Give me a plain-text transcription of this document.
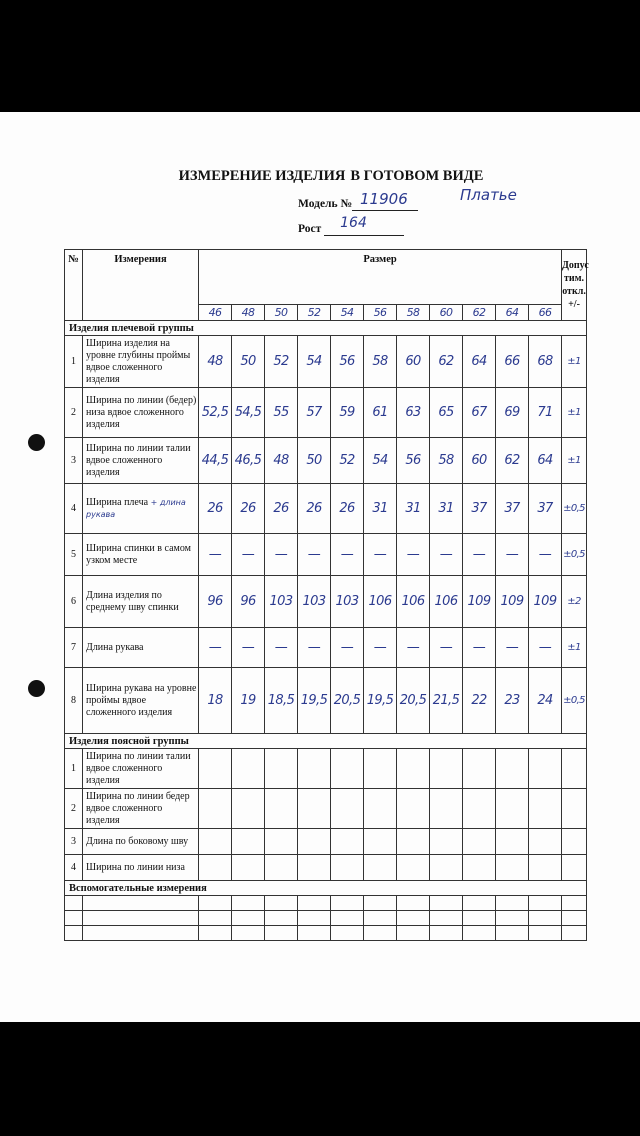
ИЗМЕРЕНИЕ ИЗДЕЛИЯ В ГОТОВОМ ВИДЕ
Модель № 11906	Платье

Рост 164

№	Измерения	Размер											Допус
тим.
откл.
+/-

		46	48	50	52	54	56	58	60	62	64	66	
Изделия плечевой группы													
1	Ширина изделия на уровне глубины проймы вдвое сложенного изделия	48	50	52	54	56	58	60	62	64	66	68	±1
2	Ширина по линии (бедер) низа вдвое сложенного изделия	52,5	54,5	55	57	59	61	63	65	67	69	71	±1
3	Ширина по линии талии вдвое сложенного изделия	44,5	46,5	48	50	52	54	56	58	60	62	64	±1
4	Ширина плеча + длина рукава	26	26	26	26	26	31	31	31	37	37	37	±0,5
5	Ширина спинки в самом узком месте	—	—	—	—	—	—	—	—	—	—	—	±0,5
6	Длина изделия по среднему шву спинки	96	96	103	103	103	106	106	106	109	109	109	±2
7	Длина рукава	—	—	—	—	—	—	—	—	—	—	—	±1
8	Ширина рукава на уровне проймы вдвое сложенного изделия	18	19	18,5	19,5	20,5	19,5	20,5	21,5	22	23	24	±0,5
Изделия поясной группы													
1	Ширина по линии талии вдвое сложенного изделия												
2	Ширина по линии бедер вдвое сложенного изделия												
3	Длина по боковому шву												
4	Ширина по линии низа												
Вспомогательные измерения													
